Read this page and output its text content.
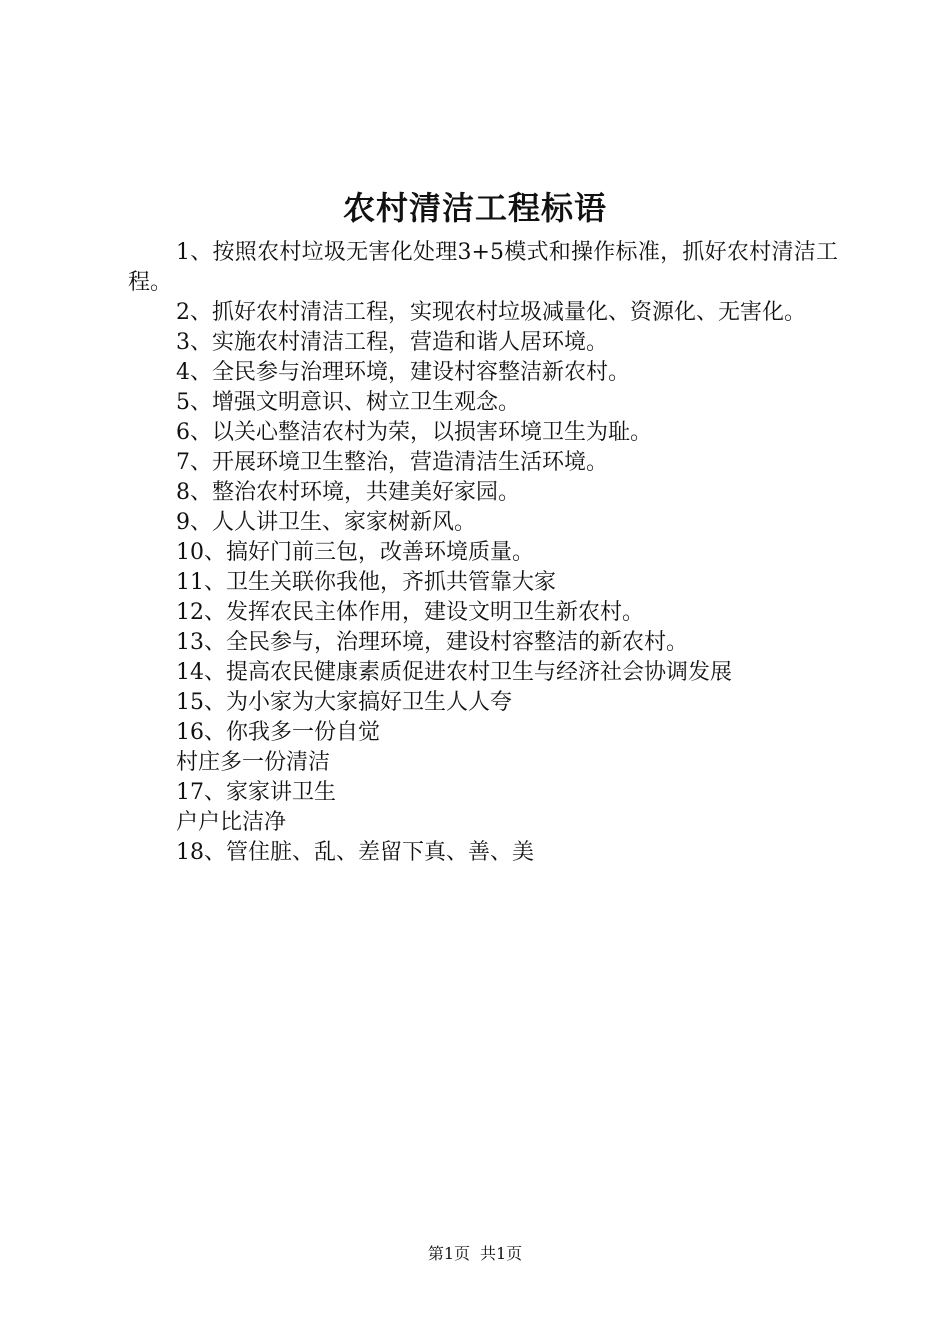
农村清洁工程标语

1、按照农村垃圾无害化处理3+5模式和操作标准，抓好农村清洁工程。

2、抓好农村清洁工程，实现农村垃圾减量化、资源化、无害化。

3、实施农村清洁工程，营造和谐人居环境。

4、全民参与治理环境，建设村容整洁新农村。

5、增强文明意识、树立卫生观念。

6、以关心整洁农村为荣，以损害环境卫生为耻。

7、开展环境卫生整治，营造清洁生活环境。

8、整治农村环境，共建美好家园。

9、人人讲卫生、家家树新风。

10、搞好门前三包，改善环境质量。

11、卫生关联你我他，齐抓共管靠大家

12、发挥农民主体作用，建设文明卫生新农村。

13、全民参与，治理环境，建设村容整洁的新农村。

14、提高农民健康素质促进农村卫生与经济社会协调发展

15、为小家为大家搞好卫生人人夸

16、你我多一份自觉

村庄多一份清洁

17、家家讲卫生

户户比洁净

18、管住脏、乱、差留下真、善、美

第1页 共1页
